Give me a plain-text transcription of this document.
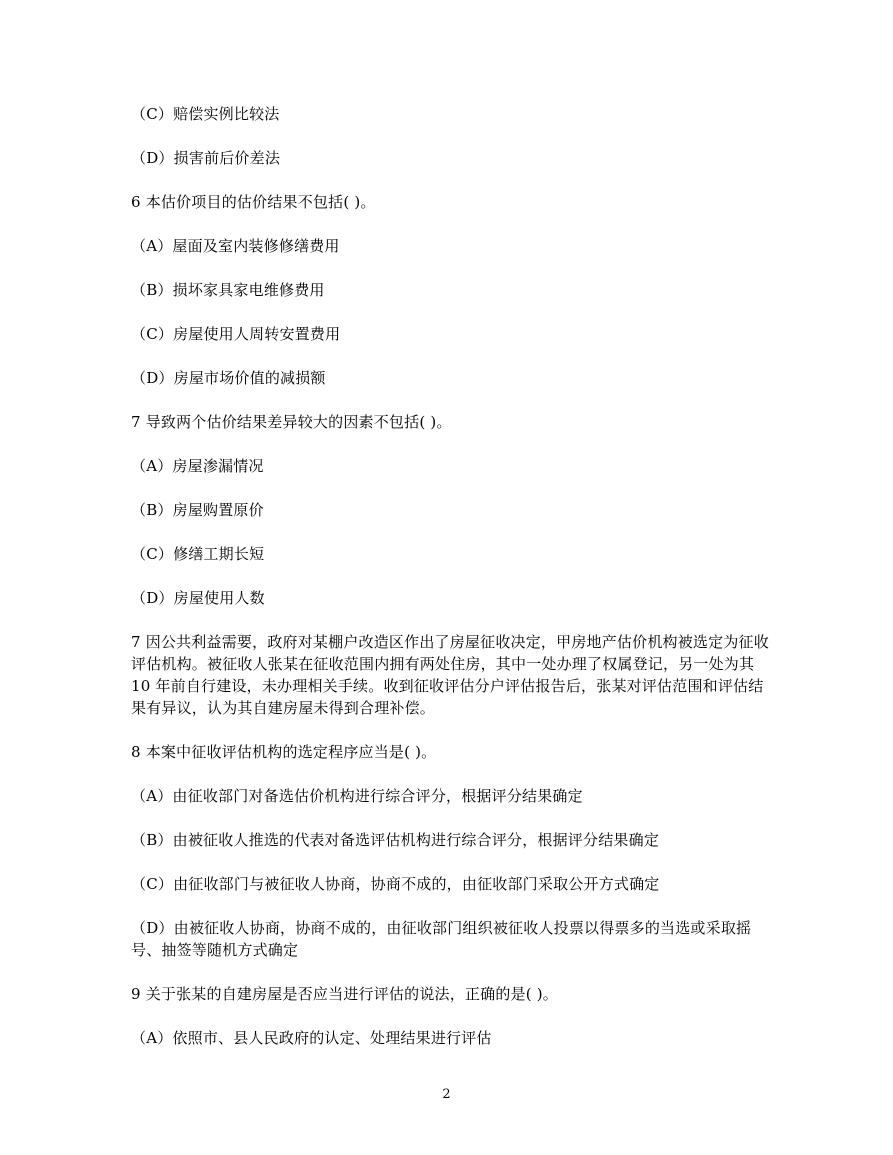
（C）赔偿实例比较法

（D）损害前后价差法

6 本估价项目的估价结果不包括( )。

（A）屋面及室内装修修缮费用

（B）损坏家具家电维修费用

（C）房屋使用人周转安置费用

（D）房屋市场价值的减损额

7 导致两个估价结果差异较大的因素不包括( )。

（A）房屋渗漏情况

（B）房屋购置原价

（C）修缮工期长短

（D）房屋使用人数

7 因公共利益需要，政府对某棚户改造区作出了房屋征收决定，甲房地产估价机构被选定为征收评估机构。被征收人张某在征收范围内拥有两处住房，其中一处办理了权属登记，另一处为其 10 年前自行建设，未办理相关手续。收到征收评估分户评估报告后，张某对评估范围和评估结果有异议，认为其自建房屋未得到合理补偿。

8 本案中征收评估机构的选定程序应当是( )。

（A）由征收部门对备选估价机构进行综合评分，根据评分结果确定

（B）由被征收人推选的代表对备选评估机构进行综合评分，根据评分结果确定

（C）由征收部门与被征收人协商，协商不成的，由征收部门采取公开方式确定

（D）由被征收人协商，协商不成的，由征收部门组织被征收人投票以得票多的当选或采取摇号、抽签等随机方式确定

9 关于张某的自建房屋是否应当进行评估的说法，正确的是( )。

（A）依照市、县人民政府的认定、处理结果进行评估

2
